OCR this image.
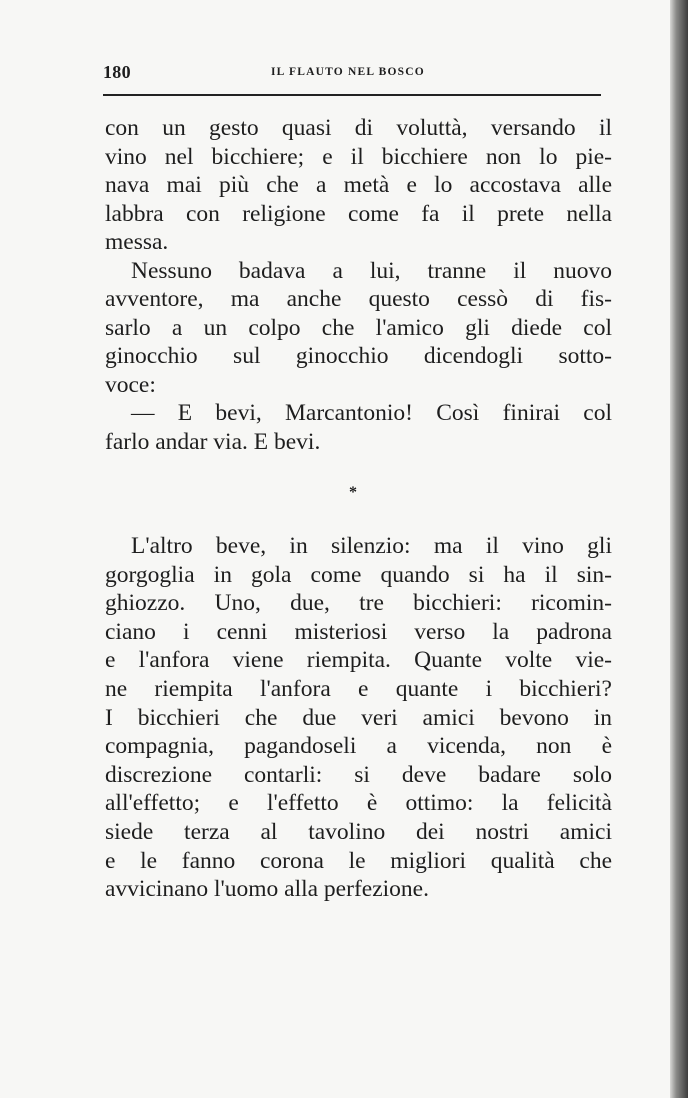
180	IL FLAUTO NEL BOSCO
con un gesto quasi di voluttà, versando il
vino nel bicchiere; e il bicchiere non lo pie-
nava mai più che a metà e lo accostava alle
labbra con religione come fa il prete nella
messa.
Nessuno badava a lui, tranne il nuovo
avventore, ma anche questo cessò di fis-
sarlo a un colpo che l'amico gli diede col
ginocchio sul ginocchio dicendogli sotto-
voce:
— E bevi, Marcantonio! Così finirai col
farlo andar via. E bevi.
*
L'altro beve, in silenzio: ma il vino gli
gorgoglia in gola come quando si ha il sin-
ghiozzo. Uno, due, tre bicchieri: ricomin-
ciano i cenni misteriosi verso la padrona
e l'anfora viene riempita. Quante volte vie-
ne riempita l'anfora e quante i bicchieri?
I bicchieri che due veri amici bevono in
compagnia, pagandoseli a vicenda, non è
discrezione contarli: si deve badare solo
all'effetto; e l'effetto è ottimo: la felicità
siede terza al tavolino dei nostri amici
e le fanno corona le migliori qualità che
avvicinano l'uomo alla perfezione.
